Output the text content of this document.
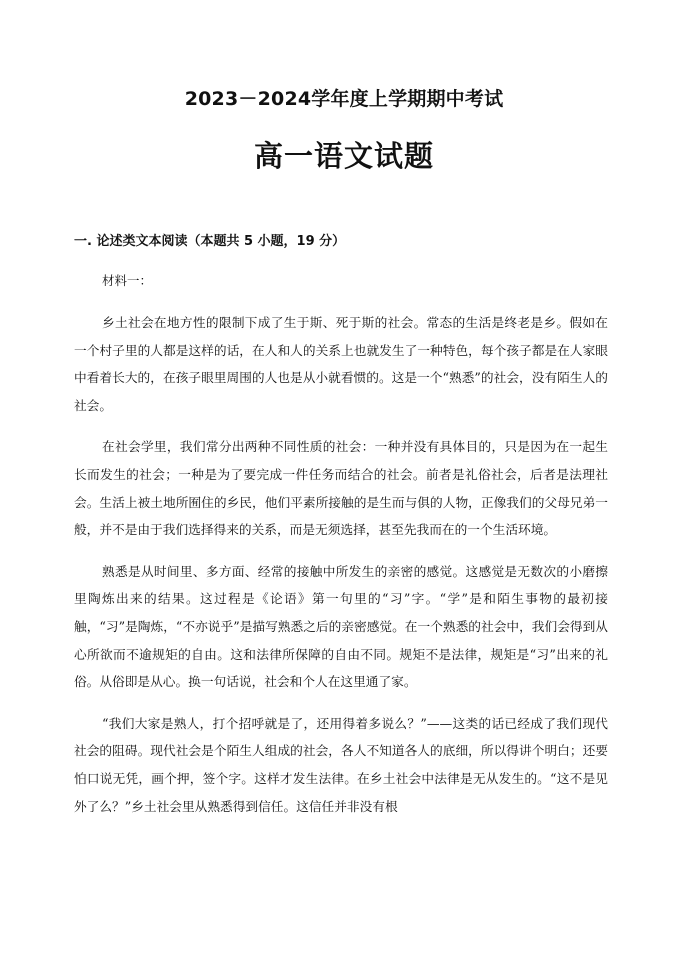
2023－2024学年度上学期期中考试
高一语文试题
一. 论述类文本阅读（本题共 5 小题，19 分）
材料一：

乡土社会在地方性的限制下成了生于斯、死于斯的社会。常态的生活是终老是乡。假如在一个村子里的人都是这样的话，在人和人的关系上也就发生了一种特色，每个孩子都是在人家眼中看着长大的，在孩子眼里周围的人也是从小就看惯的。这是一个“熟悉”的社会，没有陌生人的社会。

在社会学里，我们常分出两种不同性质的社会：一种并没有具体目的，只是因为在一起生长而发生的社会；一种是为了要完成一件任务而结合的社会。前者是礼俗社会，后者是法理社会。生活上被土地所囿住的乡民，他们平素所接触的是生而与俱的人物，正像我们的父母兄弟一般，并不是由于我们选择得来的关系，而是无须选择，甚至先我而在的一个生活环境。

熟悉是从时间里、多方面、经常的接触中所发生的亲密的感觉。这感觉是无数次的小磨擦里陶炼出来的结果。这过程是《论语》第一句里的“习”字。“学”是和陌生事物的最初接触，“习”是陶炼，“不亦说乎”是描写熟悉之后的亲密感觉。在一个熟悉的社会中，我们会得到从心所欲而不逾规矩的自由。这和法律所保障的自由不同。规矩不是法律，规矩是“习”出来的礼俗。从俗即是从心。换一句话说，社会和个人在这里通了家。

“我们大家是熟人，打个招呼就是了，还用得着多说么？”——这类的话已经成了我们现代社会的阻碍。现代社会是个陌生人组成的社会，各人不知道各人的底细，所以得讲个明白；还要怕口说无凭，画个押，签个字。这样才发生法律。在乡土社会中法律是无从发生的。“这不是见外了么？”乡土社会里从熟悉得到信任。这信任并非没有根
